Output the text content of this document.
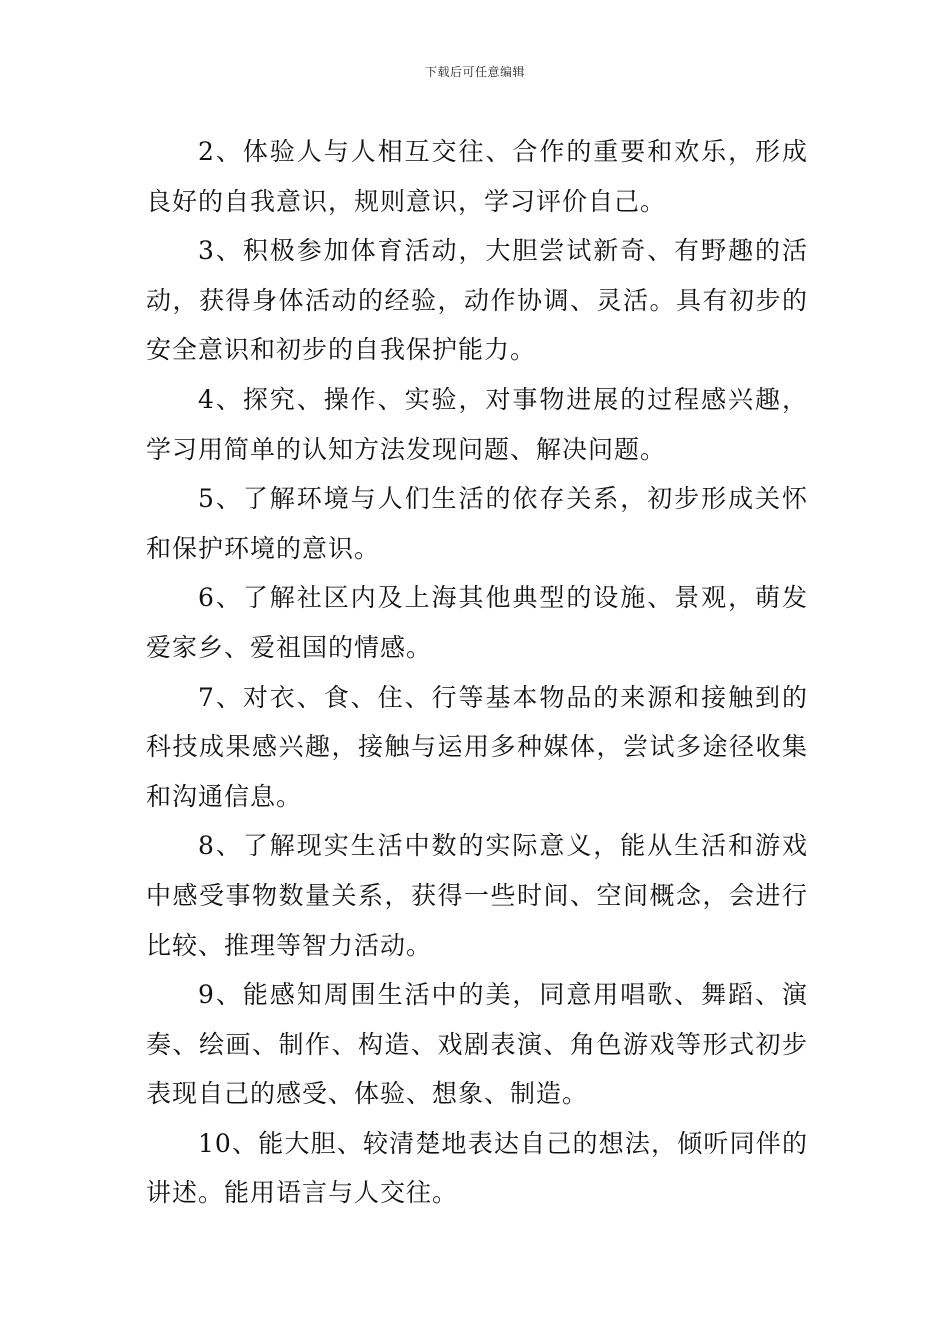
下载后可任意编辑

2、体验人与人相互交往、合作的重要和欢乐，形成良好的自我意识，规则意识，学习评价自己。

3、积极参加体育活动，大胆尝试新奇、有野趣的活动，获得身体活动的经验，动作协调、灵活。具有初步的安全意识和初步的自我保护能力。

4、探究、操作、实验，对事物进展的过程感兴趣，学习用简单的认知方法发现问题、解决问题。

5、了解环境与人们生活的依存关系，初步形成关怀和保护环境的意识。

6、了解社区内及上海其他典型的设施、景观，萌发爱家乡、爱祖国的情感。

7、对衣、食、住、行等基本物品的来源和接触到的科技成果感兴趣，接触与运用多种媒体，尝试多途径收集和沟通信息。

8、了解现实生活中数的实际意义，能从生活和游戏中感受事物数量关系，获得一些时间、空间概念，会进行比较、推理等智力活动。

9、能感知周围生活中的美，同意用唱歌、舞蹈、演奏、绘画、制作、构造、戏剧表演、角色游戏等形式初步表现自己的感受、体验、想象、制造。

10、能大胆、较清楚地表达自己的想法，倾听同伴的讲述。能用语言与人交往。
